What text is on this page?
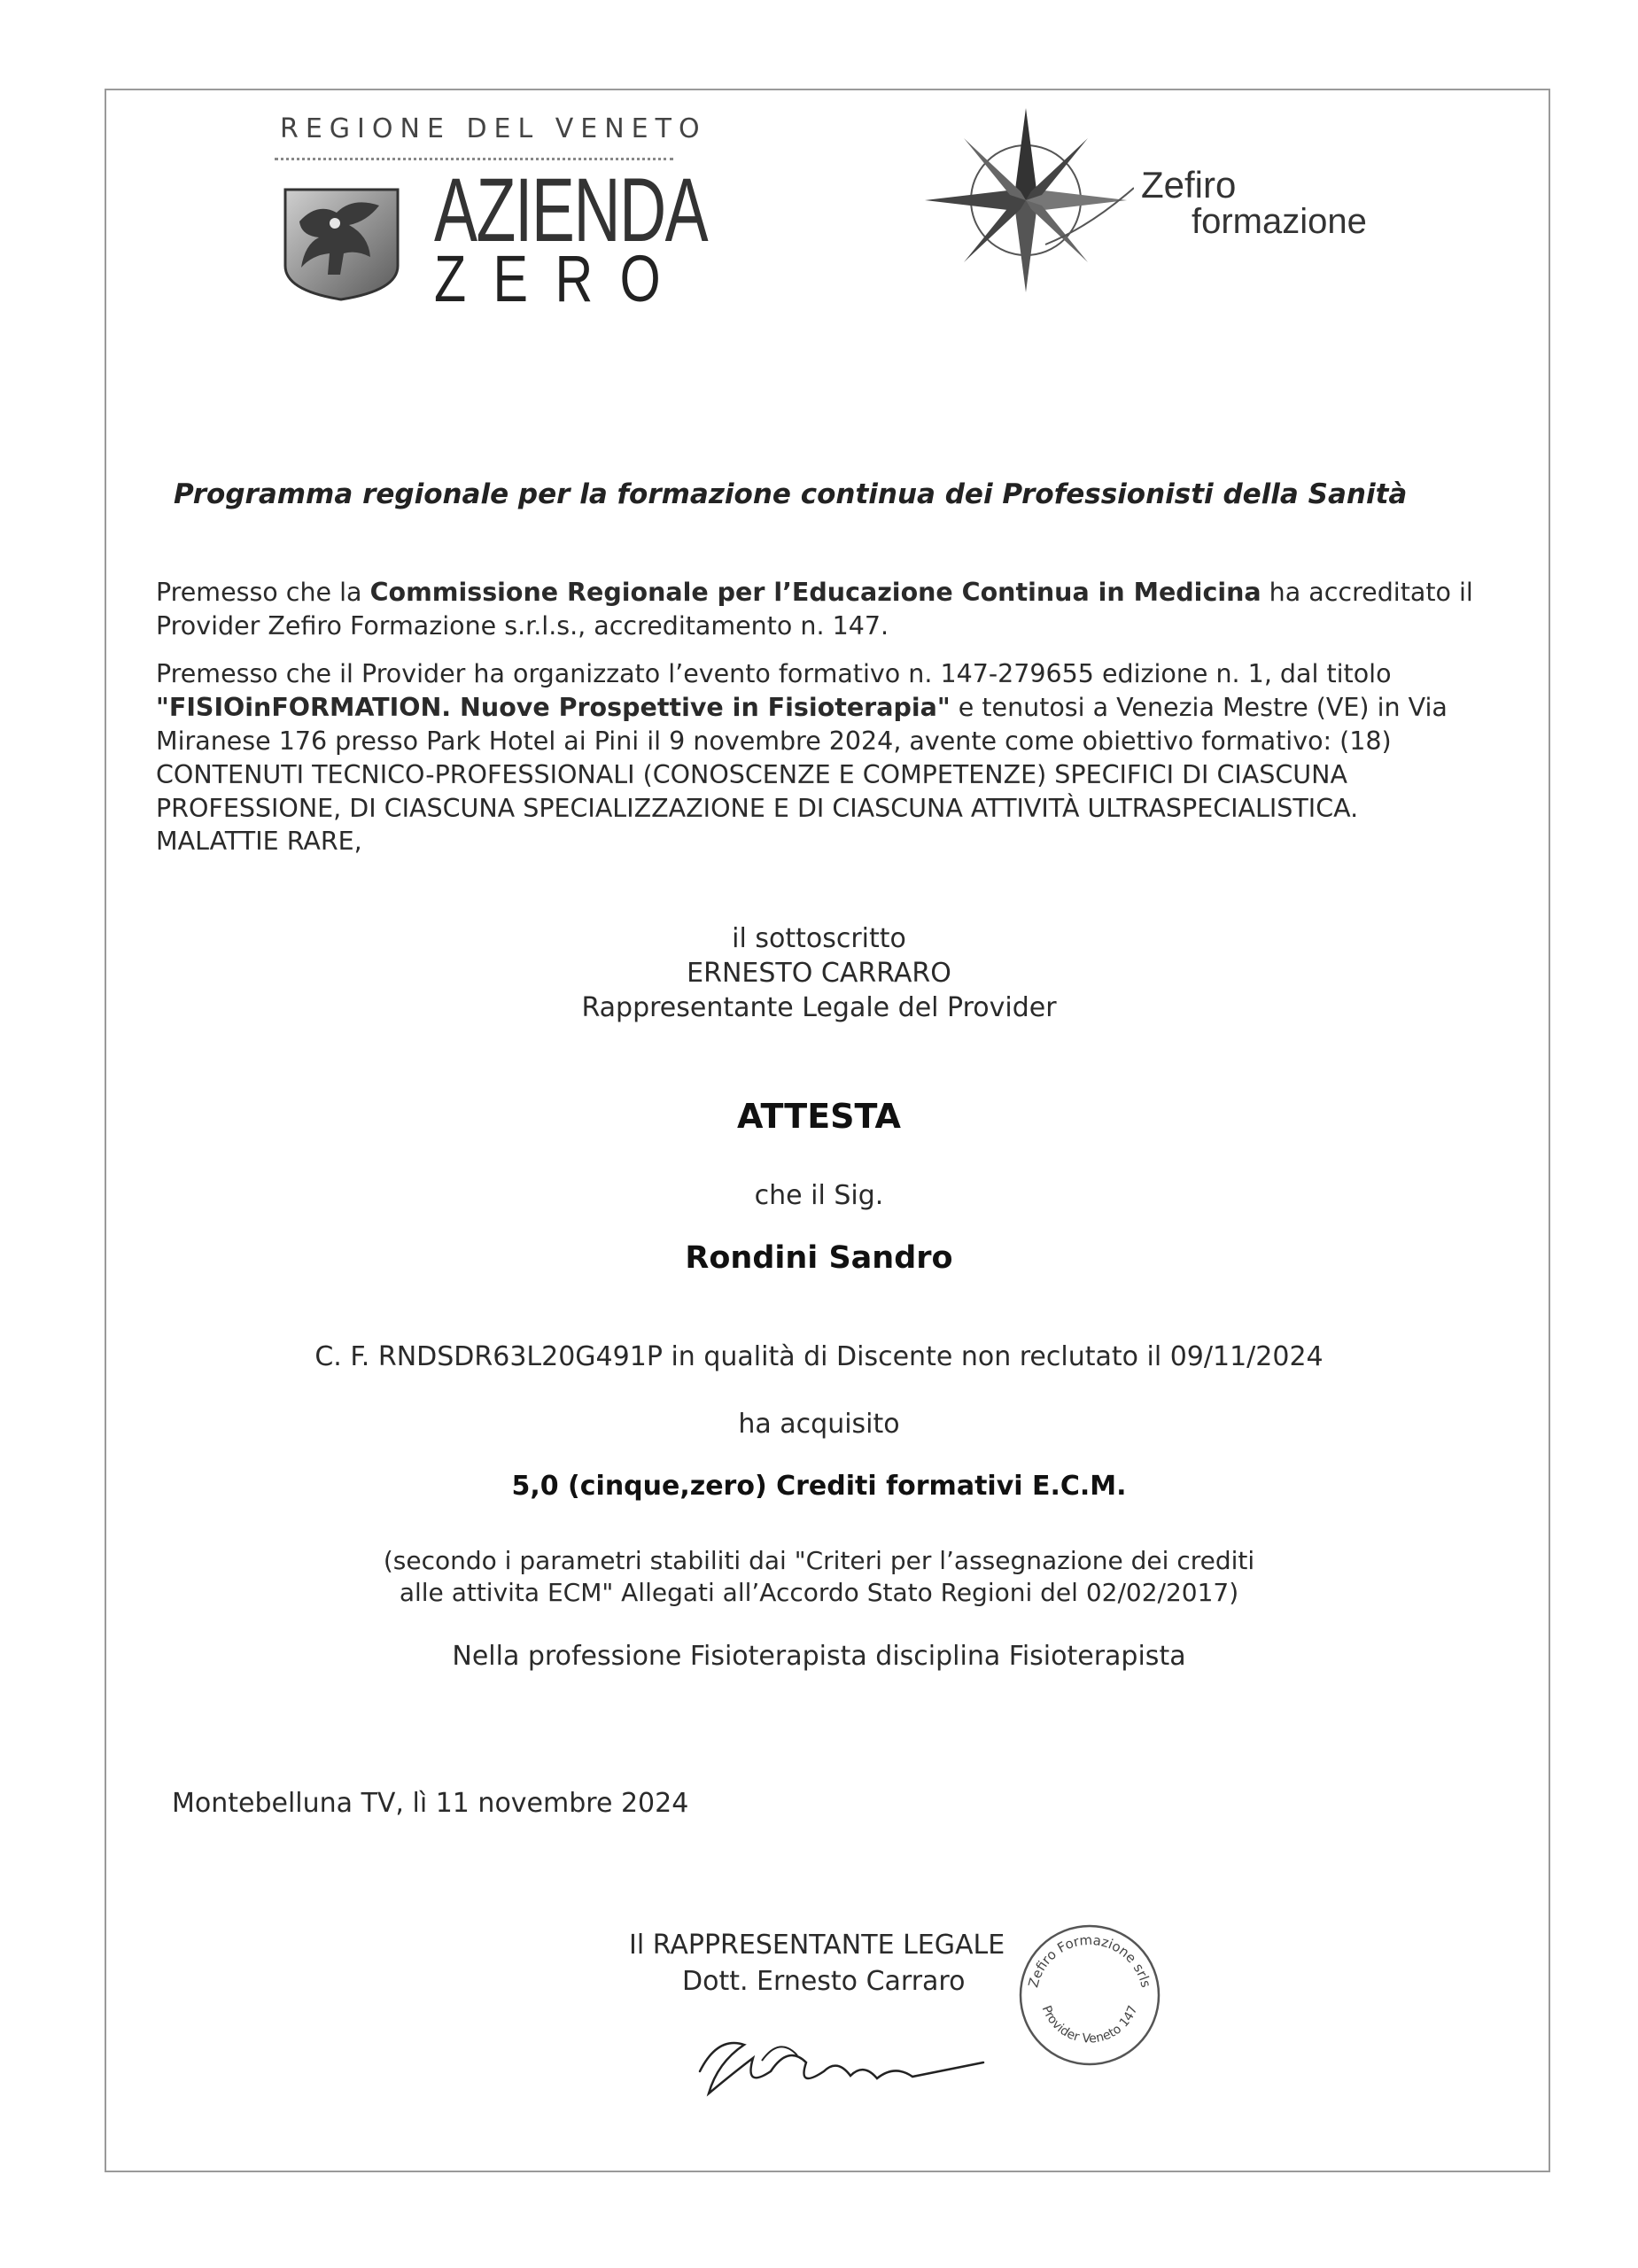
REGIONE DEL VENETO
AZIENDA
ZERO
Zefiro
formazione
Programma regionale per la formazione continua dei Professionisti della Sanità
Premesso che la Commissione Regionale per l’Educazione Continua in Medicina ha accreditato il Provider Zefiro Formazione s.r.l.s., accreditamento n. 147.
Premesso che il Provider ha organizzato l’evento formativo n. 147-279655 edizione n. 1, dal titolo "FISIOinFORMATION. Nuove Prospettive in Fisioterapia" e tenutosi a Venezia Mestre (VE) in Via Miranese 176 presso Park Hotel ai Pini il 9 novembre 2024, avente come obiettivo formativo: (18) CONTENUTI TECNICO-PROFESSIONALI (CONOSCENZE E COMPETENZE) SPECIFICI DI CIASCUNA PROFESSIONE, DI CIASCUNA SPECIALIZZAZIONE E DI CIASCUNA ATTIVITÀ ULTRASPECIALISTICA. MALATTIE RARE,
il sottoscritto
ERNESTO CARRARO
Rappresentante Legale del Provider
ATTESTA
che il Sig.
Rondini Sandro
C. F. RNDSDR63L20G491P in qualità di Discente non reclutato il 09/11/2024
ha acquisito
5,0 (cinque,zero) Crediti formativi E.C.M.
(secondo i parametri stabiliti dai "Criteri per l’assegnazione dei crediti
alle attivita ECM" Allegati all’Accordo Stato Regioni del 02/02/2017)
Nella professione Fisioterapista disciplina Fisioterapista
Montebelluna TV, lì 11 novembre 2024
Il RAPPRESENTANTE LEGALE
Dott. Ernesto Carraro	Zefiro Formazione srls
Provider Veneto 147
